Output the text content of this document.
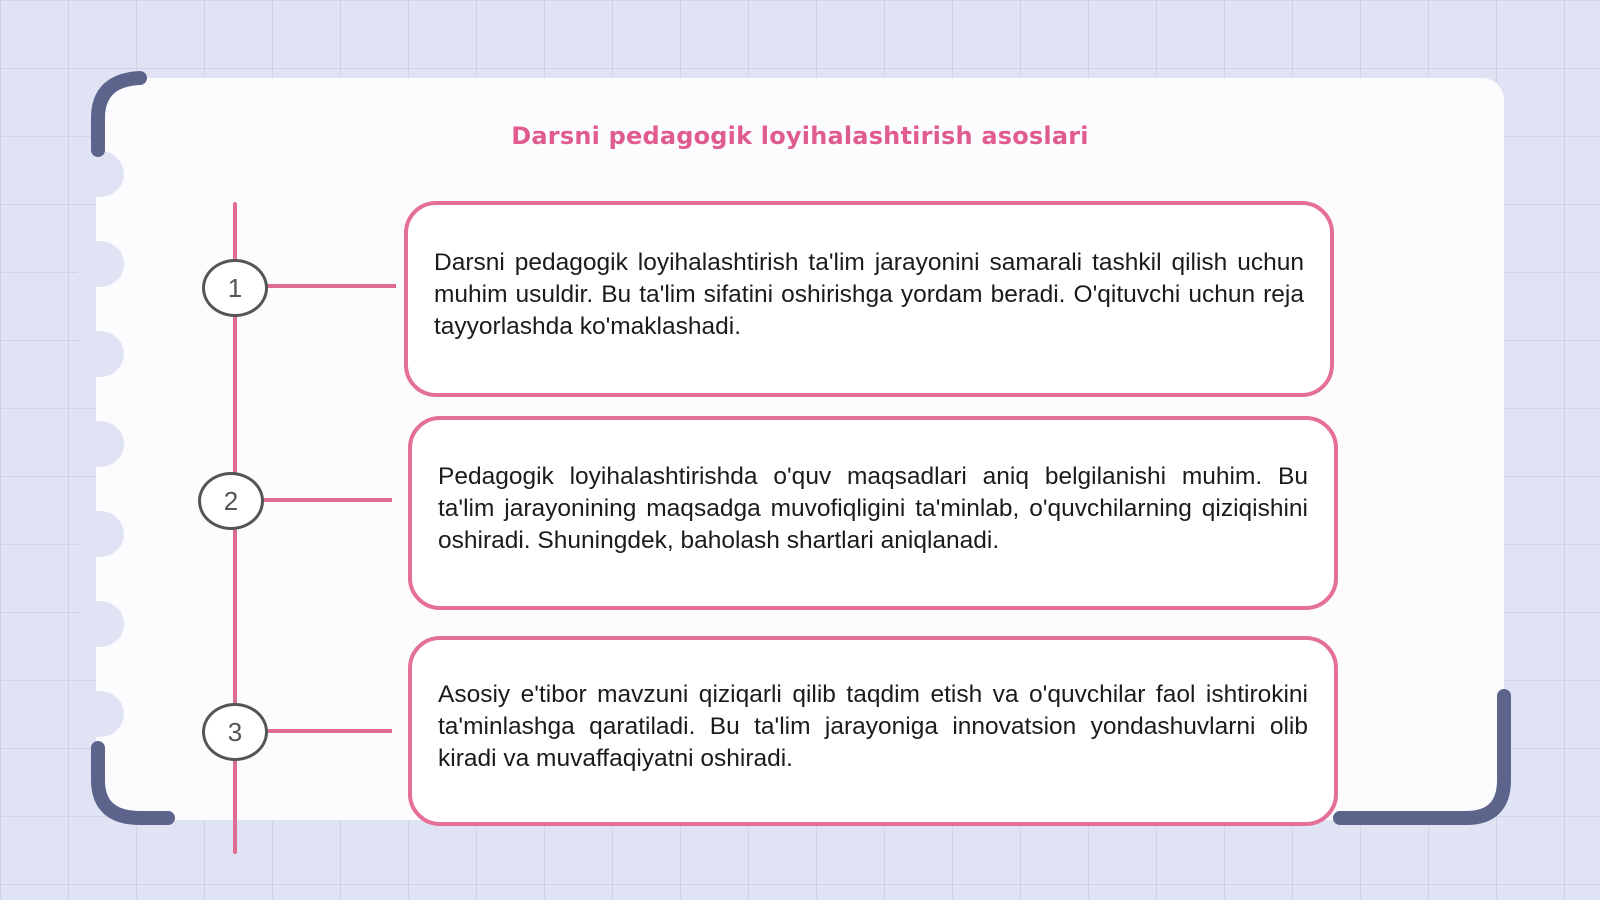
Darsni pedagogik loyihalashtirish asoslari
1
2
3
Darsni pedagogik loyihalashtirish ta'lim jarayonini samarali tashkil qilish uchun muhim usuldir. Bu ta'lim sifatini oshirishga yordam beradi. O'qituvchi uchun reja tayyorlashda ko'maklashadi.
Pedagogik loyihalashtirishda o'quv maqsadlari aniq belgilanishi muhim. Bu ta'lim jarayonining maqsadga muvofiqligini ta'minlab, o'quvchilarning qiziqishini oshiradi. Shuningdek, baholash shartlari aniqlanadi.
Asosiy e'tibor mavzuni qiziqarli qilib taqdim etish va o'quvchilar faol ishtirokini ta'minlashga qaratiladi. Bu ta'lim jarayoniga innovatsion yondashuvlarni olib kiradi va muvaffaqiyatni oshiradi.
